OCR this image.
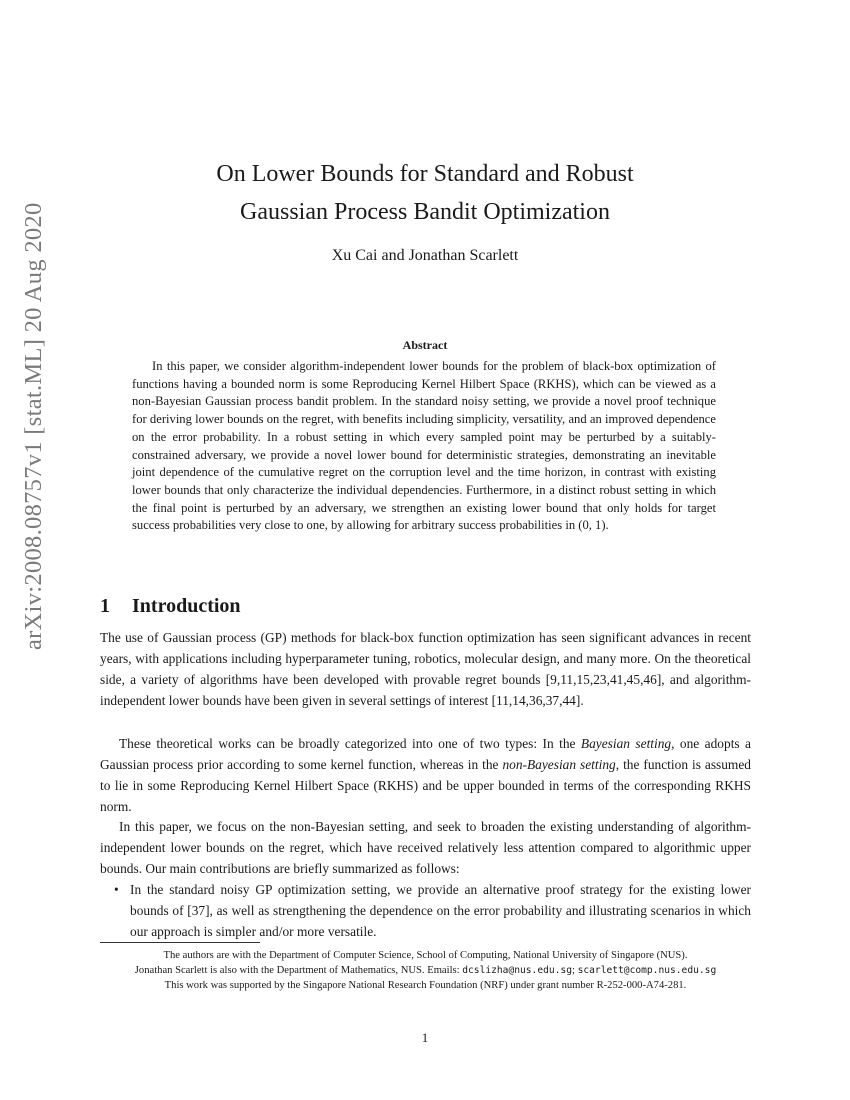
arXiv:2008.08757v1 [stat.ML] 20 Aug 2020
On Lower Bounds for Standard and Robust
Gaussian Process Bandit Optimization
Xu Cai and Jonathan Scarlett
Abstract
In this paper, we consider algorithm-independent lower bounds for the problem of black-box optimization of functions having a bounded norm is some Reproducing Kernel Hilbert Space (RKHS), which can be viewed as a non-Bayesian Gaussian process bandit problem. In the standard noisy setting, we provide a novel proof technique for deriving lower bounds on the regret, with benefits including simplicity, versatility, and an improved dependence on the error probability. In a robust setting in which every sampled point may be perturbed by a suitably-constrained adversary, we provide a novel lower bound for deterministic strategies, demonstrating an inevitable joint dependence of the cumulative regret on the corruption level and the time horizon, in contrast with existing lower bounds that only characterize the individual dependencies. Furthermore, in a distinct robust setting in which the final point is perturbed by an adversary, we strengthen an existing lower bound that only holds for target success probabilities very close to one, by allowing for arbitrary success probabilities in (0, 1).
1 Introduction

The use of Gaussian process (GP) methods for black-box function optimization has seen significant advances in recent years, with applications including hyperparameter tuning, robotics, molecular design, and many more. On the theoretical side, a variety of algorithms have been developed with provable regret bounds [9,11,15,23,41,45,46], and algorithm-independent lower bounds have been given in several settings of interest [11,14,36,37,44].

These theoretical works can be broadly categorized into one of two types: In the Bayesian setting, one adopts a Gaussian process prior according to some kernel function, whereas in the non-Bayesian setting, the function is assumed to lie in some Reproducing Kernel Hilbert Space (RKHS) and be upper bounded in terms of the corresponding RKHS norm.

In this paper, we focus on the non-Bayesian setting, and seek to broaden the existing understanding of algorithm-independent lower bounds on the regret, which have received relatively less attention compared to algorithmic upper bounds. Our main contributions are briefly summarized as follows:

• In the standard noisy GP optimization setting, we provide an alternative proof strategy for the existing lower bounds of [37], as well as strengthening the dependence on the error probability and illustrating scenarios in which our approach is simpler and/or more versatile.
The authors are with the Department of Computer Science, School of Computing, National University of Singapore (NUS).
Jonathan Scarlett is also with the Department of Mathematics, NUS. Emails: dcslizha@nus.edu.sg; scarlett@comp.nus.edu.sg
This work was supported by the Singapore National Research Foundation (NRF) under grant number R-252-000-A74-281.
1
